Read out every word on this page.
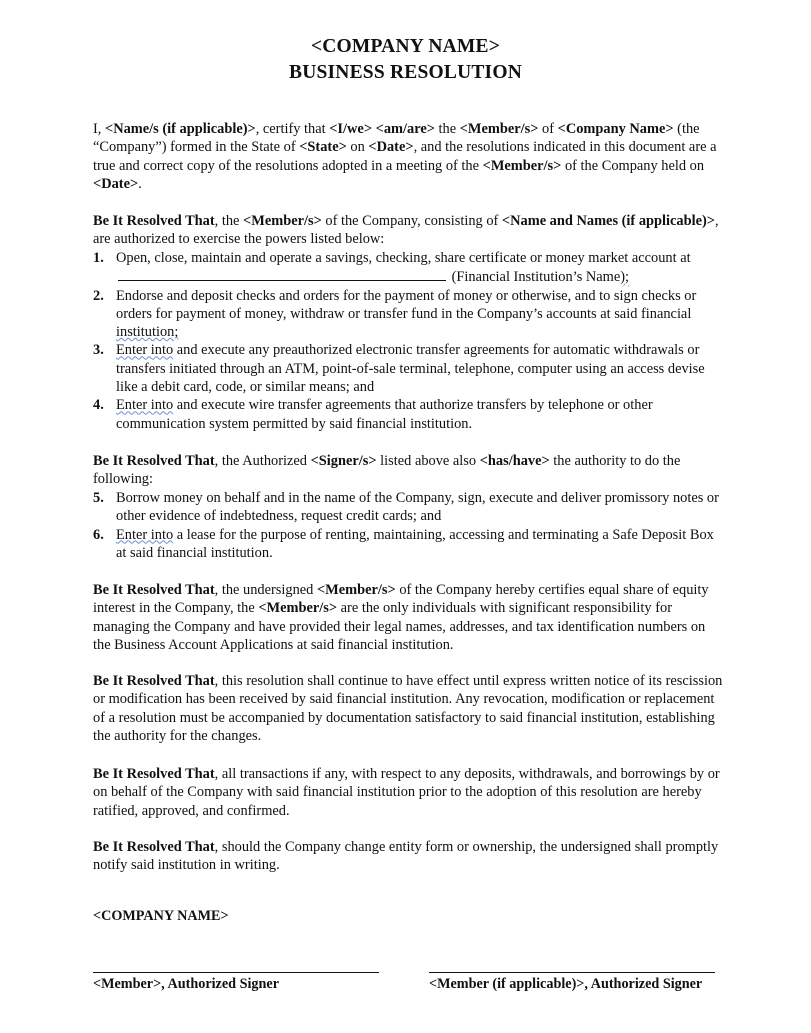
<COMPANY NAME>
BUSINESS RESOLUTION
I, <Name/s (if applicable)>, certify that <I/we> <am/are> the <Member/s> of <Company Name> (the “Company”) formed in the State of <State> on <Date>, and the resolutions indicated in this document are a true and correct copy of the resolutions adopted in a meeting of the <Member/s> of the Company held on <Date>.
Be It Resolved That, the <Member/s> of the Company, consisting of <Name and Names (if applicable)>, are authorized to exercise the powers listed below:
1. Open, close, maintain and operate a savings, checking, share certificate or money market account at  (Financial Institution’s Name);
2. Endorse and deposit checks and orders for the payment of money or otherwise, and to sign checks or orders for payment of money, withdraw or transfer fund in the Company’s accounts at said financial institution;
3. Enter into and execute any preauthorized electronic transfer agreements for automatic withdrawals or transfers initiated through an ATM, point-of-sale terminal, telephone, computer using an access devise like a debit card, code, or similar means; and
4. Enter into and execute wire transfer agreements that authorize transfers by telephone or other communication system permitted by said financial institution.
Be It Resolved That, the Authorized <Signer/s> listed above also <has/have> the authority to do the following:
5. Borrow money on behalf and in the name of the Company, sign, execute and deliver promissory notes or other evidence of indebtedness, request credit cards; and
6. Enter into a lease for the purpose of renting, maintaining, accessing and terminating a Safe Deposit Box at said financial institution.
Be It Resolved That, the undersigned <Member/s> of the Company hereby certifies equal share of equity interest in the Company, the <Member/s> are the only individuals with significant responsibility for managing the Company and have provided their legal names, addresses, and tax identification numbers on the Business Account Applications at said financial institution.
Be It Resolved That, this resolution shall continue to have effect until express written notice of its rescission or modification has been received by said financial institution. Any revocation, modification or replacement of a resolution must be accompanied by documentation satisfactory to said financial institution, establishing the authority for the changes.
Be It Resolved That, all transactions if any, with respect to any deposits, withdrawals, and borrowings by or on behalf of the Company with said financial institution prior to the adoption of this resolution are hereby ratified, approved, and confirmed.
Be It Resolved That, should the Company change entity form or ownership, the undersigned shall promptly notify said institution in writing.
<COMPANY NAME>
<Member>, Authorized Signer	<Member (if applicable)>, Authorized Signer
